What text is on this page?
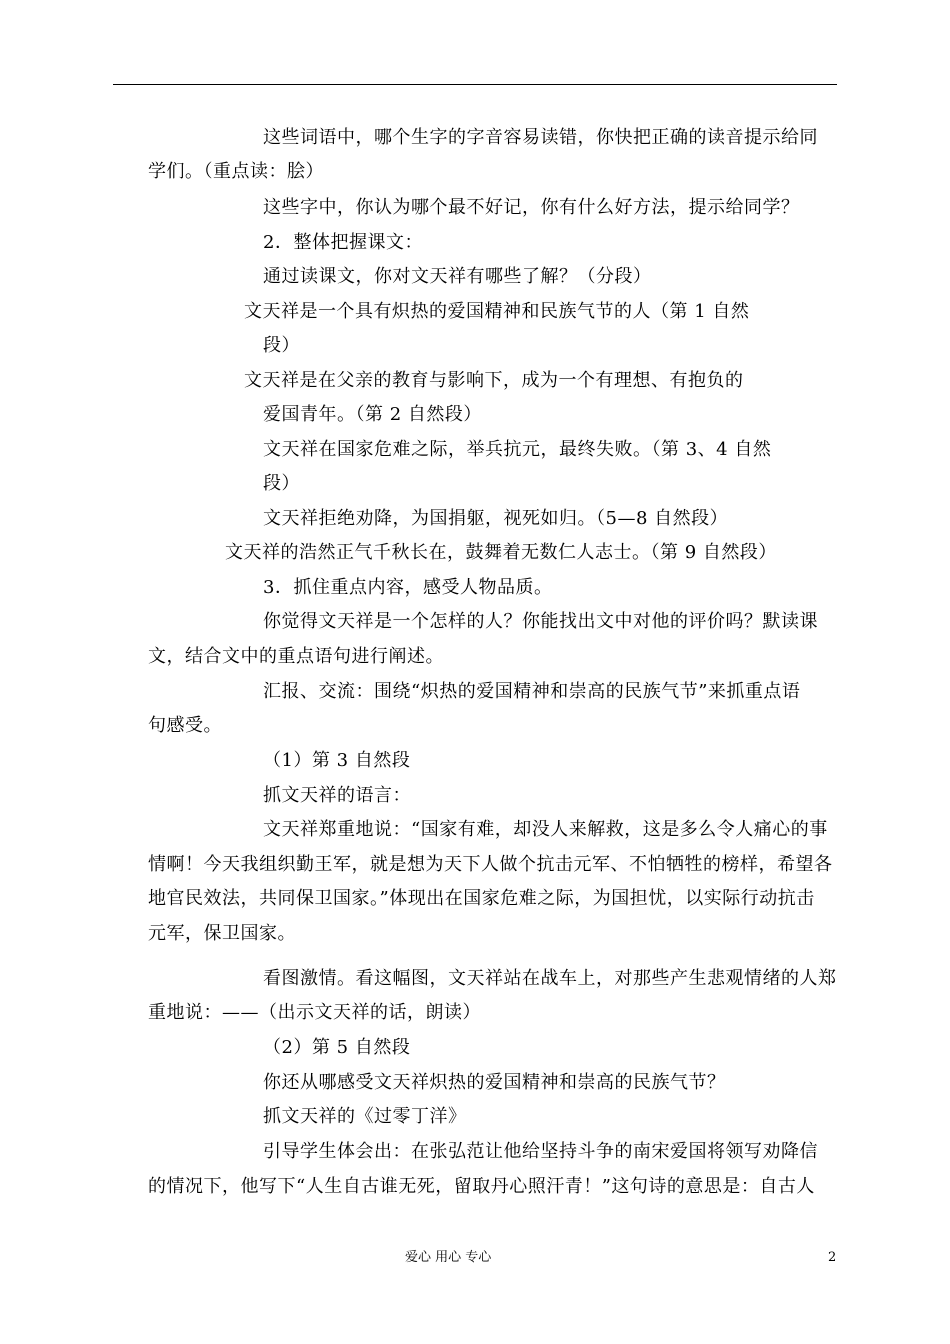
这些词语中，哪个生字的字音容易读错，你快把正确的读音提示给同
学们。（重点读：脍）
这些字中，你认为哪个最不好记，你有什么好方法，提示给同学？
2．整体把握课文：
通过读课文，你对文天祥有哪些了解？（分段）
文天祥是一个具有炽热的爱国精神和民族气节的人（第 1 自然
段）
文天祥是在父亲的教育与影响下，成为一个有理想、有抱负的
爱国青年。（第 2 自然段）
文天祥在国家危难之际，举兵抗元，最终失败。（第 3、4 自然
段）
文天祥拒绝劝降，为国捐躯，视死如归。（5—8 自然段）
文天祥的浩然正气千秋长在，鼓舞着无数仁人志士。（第 9 自然段）
3．抓住重点内容，感受人物品质。
你觉得文天祥是一个怎样的人？你能找出文中对他的评价吗？默读课
文，结合文中的重点语句进行阐述。
汇报、交流：围绕“炽热的爱国精神和崇高的民族气节”来抓重点语
句感受。
（1）第 3 自然段
抓文天祥的语言：
文天祥郑重地说：“国家有难，却没人来解救，这是多么令人痛心的事
情啊！今天我组织勤王军，就是想为天下人做个抗击元军、不怕牺牲的榜样，希望各
地官民效法，共同保卫国家。”体现出在国家危难之际，为国担忧，以实际行动抗击
元军，保卫国家。
看图激情。看这幅图，文天祥站在战车上，对那些产生悲观情绪的人郑
重地说：——（出示文天祥的话，朗读）
（2）第 5 自然段
你还从哪感受文天祥炽热的爱国精神和崇高的民族气节？
抓文天祥的《过零丁洋》
引导学生体会出：在张弘范让他给坚持斗争的南宋爱国将领写劝降信
的情况下，他写下“人生自古谁无死，留取丹心照汗青！”这句诗的意思是：自古人
爱心 用心 专心	2
